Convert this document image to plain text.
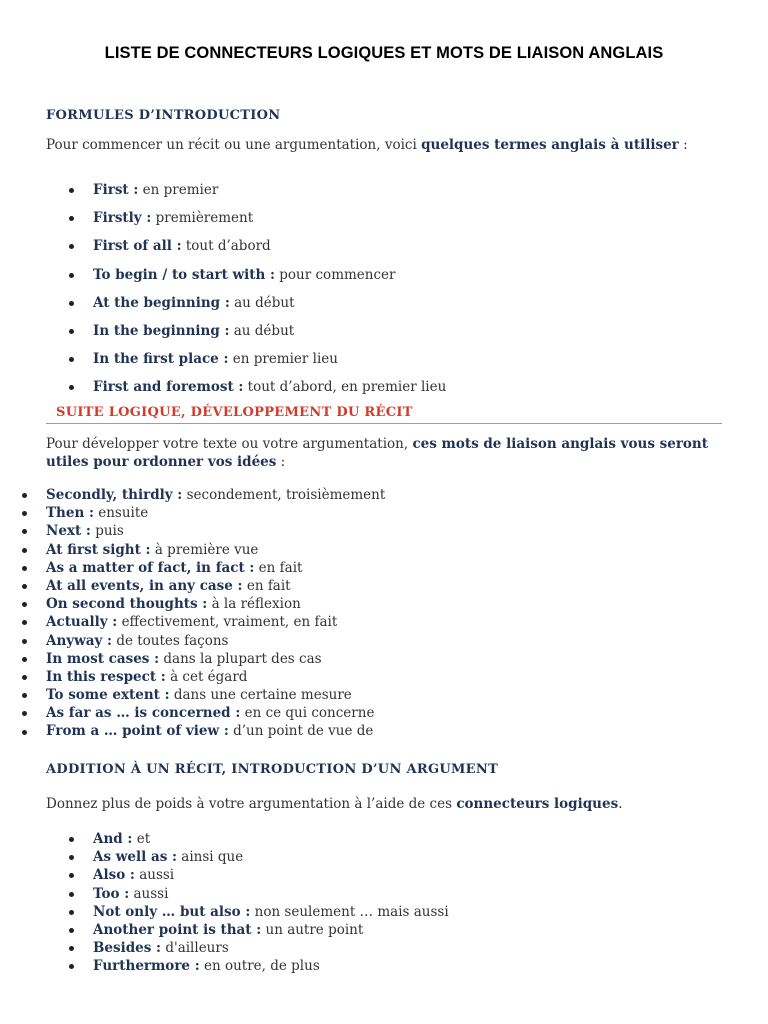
LISTE DE CONNECTEURS LOGIQUES ET MOTS DE LIAISON ANGLAIS
FORMULES D’INTRODUCTION
Pour commencer un récit ou une argumentation, voici quelques termes anglais à utiliser :
First : en premier
Firstly : premièrement
First of all : tout d’abord
To begin / to start with : pour commencer
At the beginning : au début
In the beginning : au début
In the first place : en premier lieu
First and foremost : tout d’abord, en premier lieu
SUITE LOGIQUE, DÉVELOPPEMENT DU RÉCIT
Pour développer votre texte ou votre argumentation, ces mots de liaison anglais vous seront utiles pour ordonner vos idées :
Secondly, thirdly : secondement, troisièmement
Then : ensuite
Next : puis
At first sight : à première vue
As a matter of fact, in fact : en fait
At all events, in any case : en fait
On second thoughts : à la réflexion
Actually : effectivement, vraiment, en fait
Anyway : de toutes façons
In most cases : dans la plupart des cas
In this respect : à cet égard
To some extent : dans une certaine mesure
As far as … is concerned : en ce qui concerne
From a … point of view : d’un point de vue de
ADDITION À UN RÉCIT, INTRODUCTION D’UN ARGUMENT
Donnez plus de poids à votre argumentation à l’aide de ces connecteurs logiques.
And : et
As well as : ainsi que
Also : aussi
Too : aussi
Not only … but also : non seulement … mais aussi
Another point is that : un autre point
Besides : d'ailleurs
Furthermore : en outre, de plus
